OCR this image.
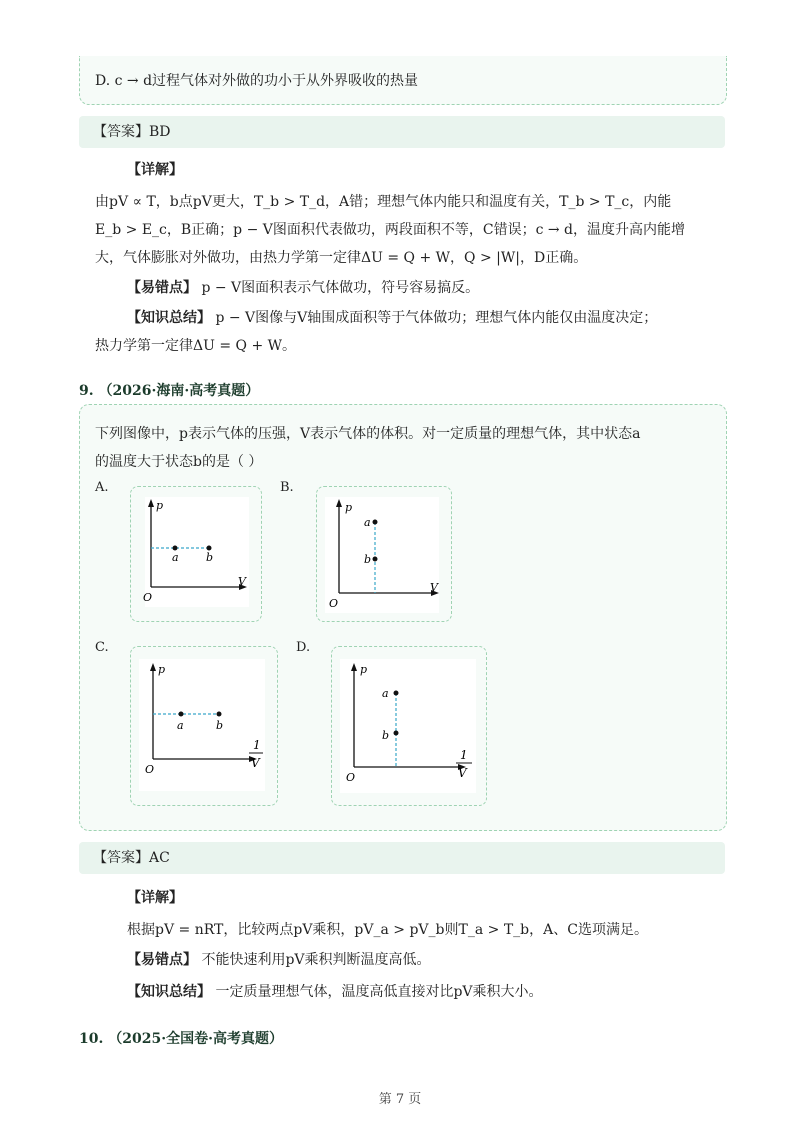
D. c → d过程气体对外做的功小于从外界吸收的热量
【答案】BD
【详解】
由pV ∝ T，b点pV更大，T_b > T_d，A错；理想气体内能只和温度有关，T_b > T_c，内能
E_b > E_c，B正确；p − V图面积代表做功，两段面积不等，C错误；c → d，温度升高内能增
大，气体膨胀对外做功，由热力学第一定律ΔU = Q + W，Q > |W|，D正确。
【易错点】 p − V图面积表示气体做功，符号容易搞反。
【知识总结】 p − V图像与V轴围成面积等于气体做功；理想气体内能仅由温度决定；
热力学第一定律ΔU = Q + W。
9. （2026·海南·高考真题）
下列图像中，p表示气体的压强，V表示气体的体积。对一定质量的理想气体，其中状态a
的温度大于状态b的是（ ）
A.
p
V
O
a b
B.
p
V
O
a
b
C.
p
1
V
O
a	b
D.
p
1
V
O
a
b
【答案】AC
【详解】
根据pV = nRT，比较两点pV乘积，pV_a > pV_b则T_a > T_b，A、C选项满足。
【易错点】 不能快速利用pV乘积判断温度高低。
【知识总结】 一定质量理想气体，温度高低直接对比pV乘积大小。
10. （2025·全国卷·高考真题）
第 7 页
